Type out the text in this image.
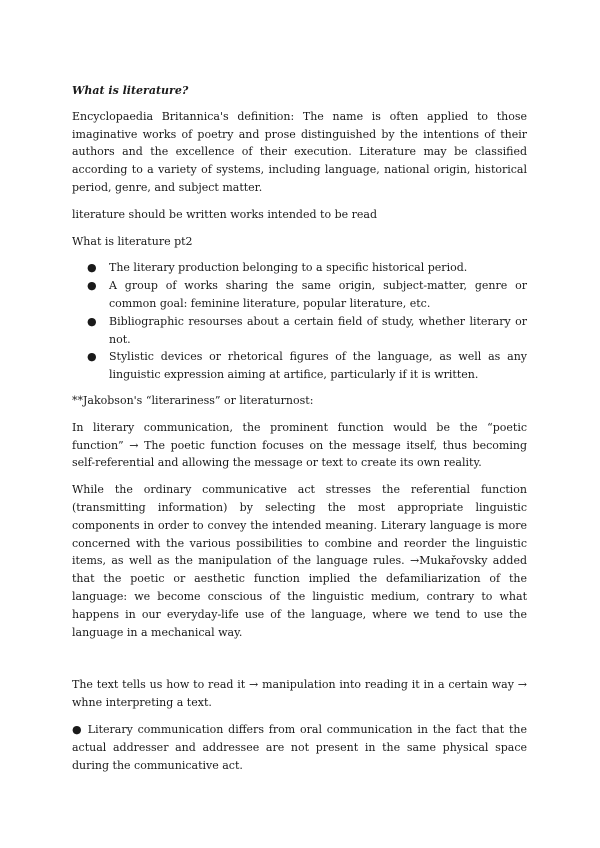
What is literature?

Encyclopaedia Britannica's definition: The name is often applied to those imaginative works of poetry and prose distinguished by the intentions of their authors and the excellence of their execution. Literature may be classified according to a variety of systems, including language, national origin, historical period, genre, and subject matter.

literature should be written works intended to be read

What is literature pt2

● The literary production belonging to a specific historical period.
● A group of works sharing the same origin, subject-matter, genre or common goal: feminine literature, popular literature, etc.
● Bibliographic resourses about a certain field of study, whether literary or not.
● Stylistic devices or rhetorical figures of the language, as well as any linguistic expression aiming at artifice, particularly if it is written.

**Jakobson's “literariness” or literaturnost:

In literary communication, the prominent function would be the “poetic function” → The poetic function focuses on the message itself, thus becoming self-referential and allowing the message or text to create its own reality.

While the ordinary communicative act stresses the referential function (transmitting information) by selecting the most appropriate linguistic components in order to convey the intended meaning. Literary language is more concerned with the various possibilities to combine and reorder the linguistic items, as well as the manipulation of the language rules. →Mukařovsky added that the poetic or aesthetic function implied the defamiliarization of the language: we become conscious of the linguistic medium, contrary to what happens in our everyday-life use of the language, where we tend to use the language in a mechanical way.

The text tells us how to read it → manipulation into reading it in a certain way → whne interpreting a text.

● Literary communication differs from oral communication in the fact that the actual addresser and addressee are not present in the same physical space during the communicative act.
